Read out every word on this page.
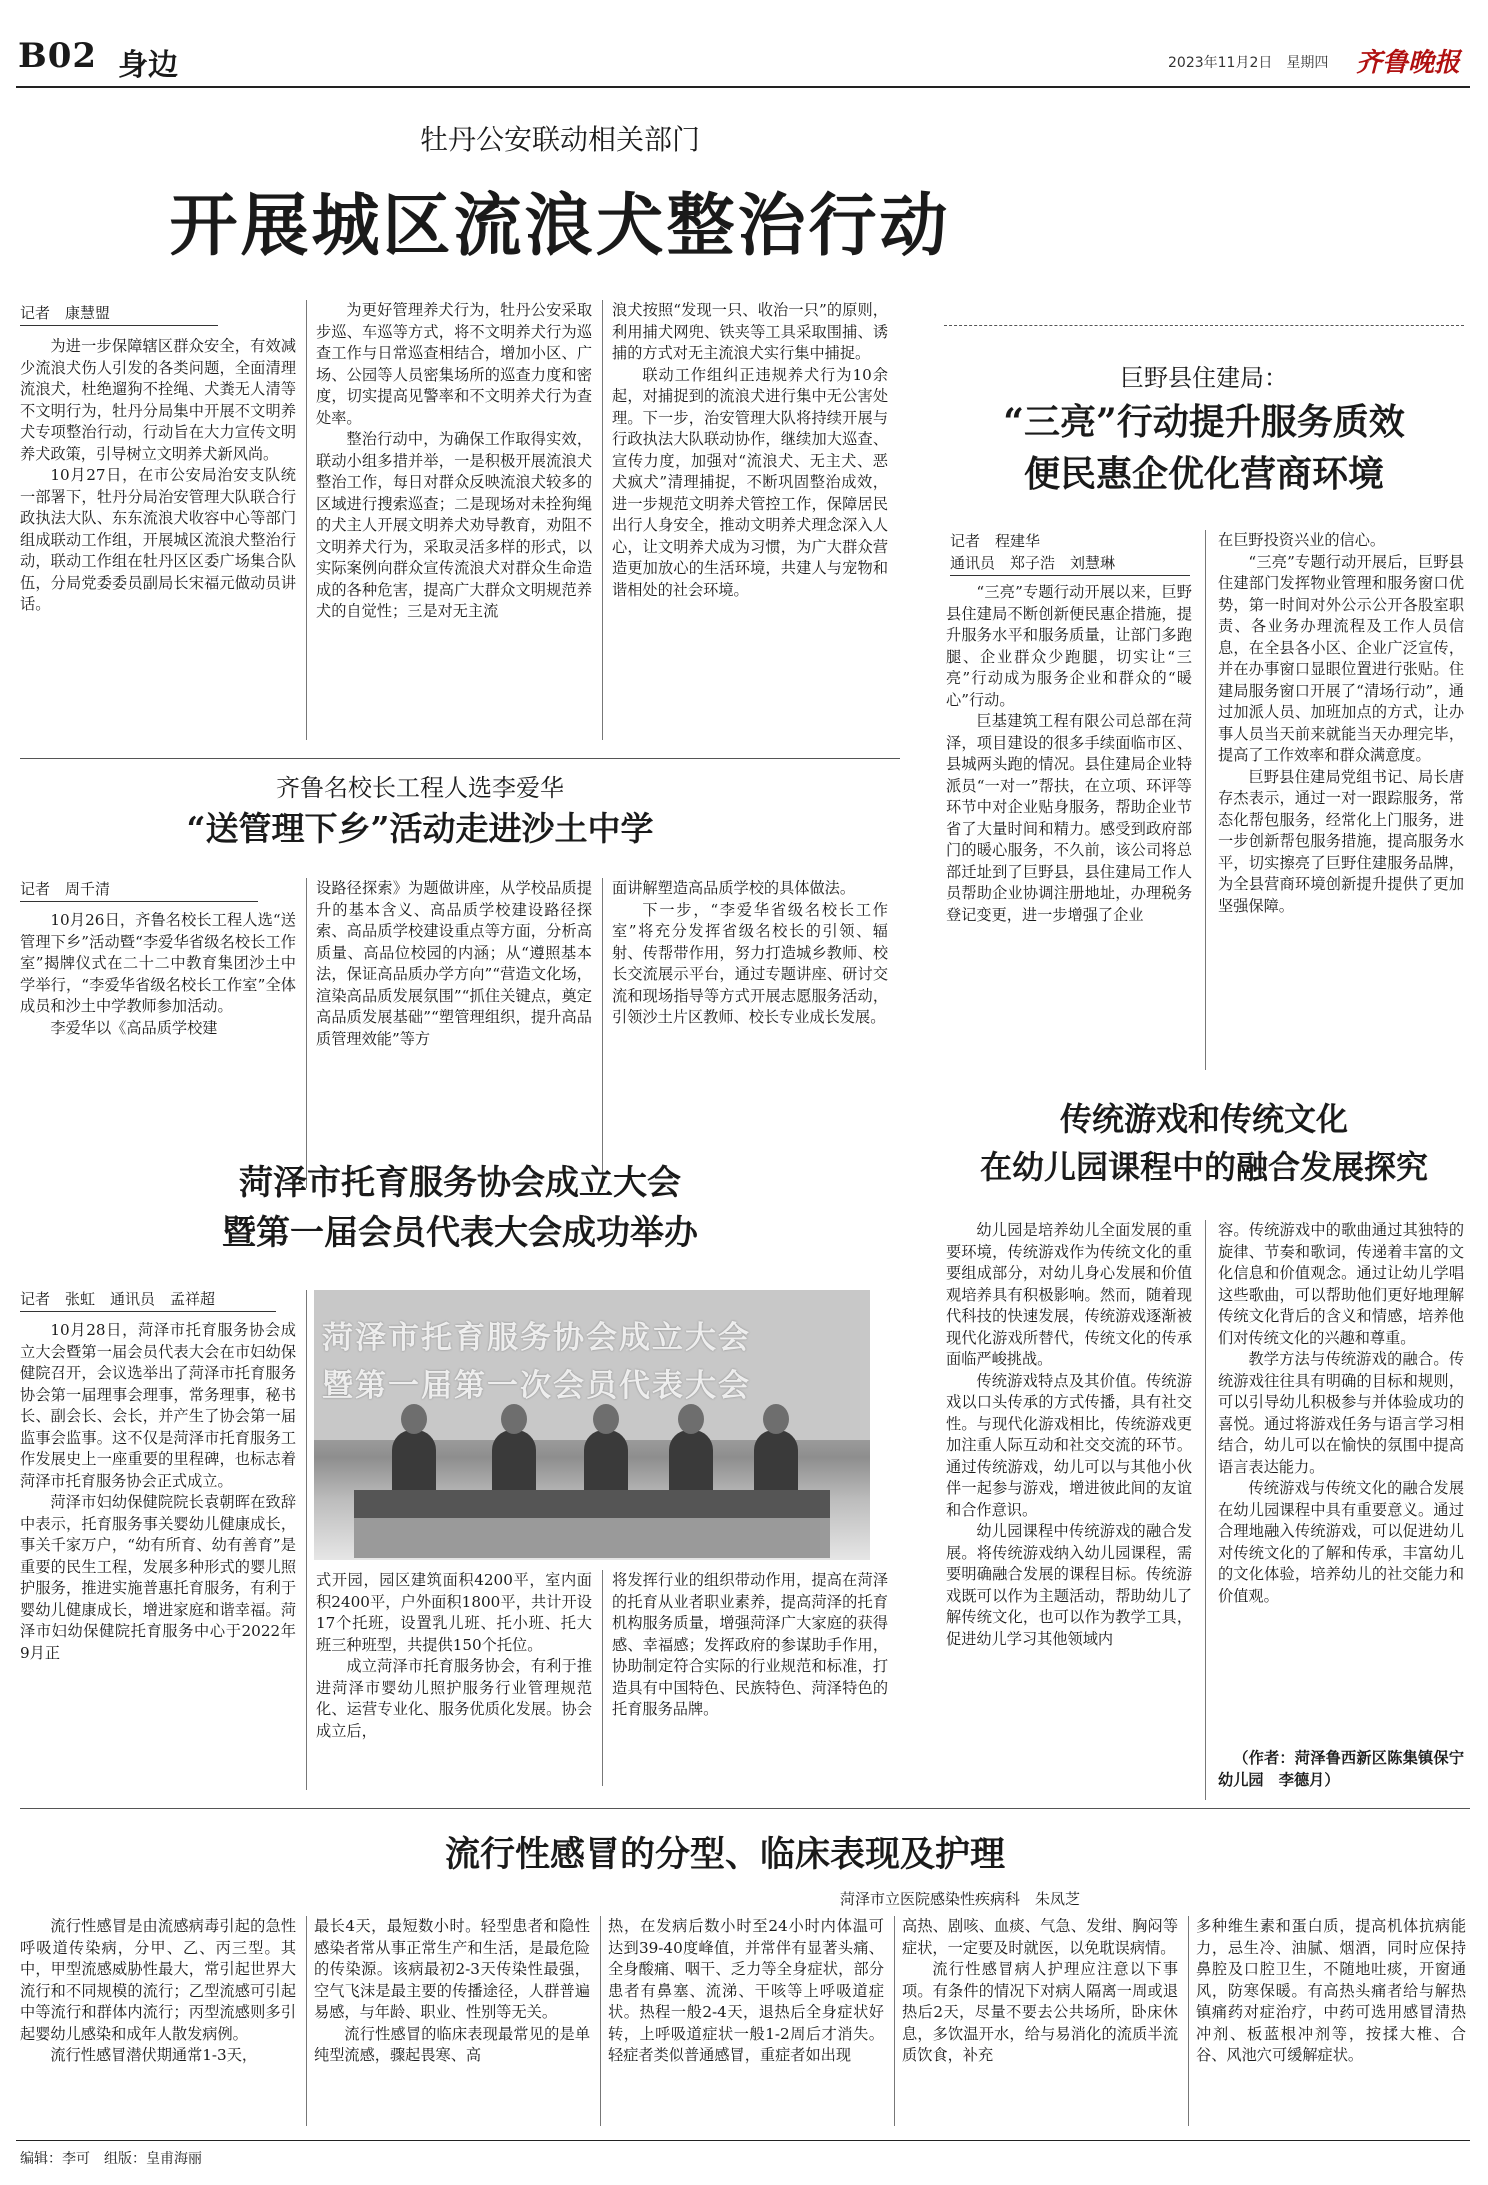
B02 身边	2023年11月2日　星期四 齐鲁晚报
牡丹公安联动相关部门
开展城区流浪犬整治行动
记者　康慧盟

为进一步保障辖区群众安全，有效减少流浪犬伤人引发的各类问题，全面清理流浪犬，杜绝遛狗不拴绳、犬粪无人清等不文明行为，牡丹分局集中开展不文明养犬专项整治行动，行动旨在大力宣传文明养犬政策，引导树立文明养犬新风尚。

10月27日，在市公安局治安支队统一部署下，牡丹分局治安管理大队联合行政执法大队、东东流浪犬收容中心等部门组成联动工作组，开展城区流浪犬整治行动，联动工作组在牡丹区区委广场集合队伍，分局党委委员副局长宋福元做动员讲话。

为更好管理养犬行为，牡丹公安采取步巡、车巡等方式，将不文明养犬行为巡查工作与日常巡查相结合，增加小区、广场、公园等人员密集场所的巡查力度和密度，切实提高见警率和不文明养犬行为查处率。

整治行动中，为确保工作取得实效，联动小组多措并举，一是积极开展流浪犬整治工作，每日对群众反映流浪犬较多的区域进行搜索巡查；二是现场对未拴狗绳的犬主人开展文明养犬劝导教育，劝阻不文明养犬行为，采取灵活多样的形式，以实际案例向群众宣传流浪犬对群众生命造成的各种危害，提高广大群众文明规范养犬的自觉性；三是对无主流

浪犬按照“发现一只、收治一只”的原则，利用捕犬网兜、铁夹等工具采取围捕、诱捕的方式对无主流浪犬实行集中捕捉。

联动工作组纠正违规养犬行为10余起，对捕捉到的流浪犬进行集中无公害处理。下一步，治安管理大队将持续开展与行政执法大队联动协作，继续加大巡查、宣传力度，加强对“流浪犬、无主犬、恶犬疯犬”清理捕捉，不断巩固整治成效，进一步规范文明养犬管控工作，保障居民出行人身安全，推动文明养犬理念深入人心，让文明养犬成为习惯，为广大群众营造更加放心的生活环境，共建人与宠物和谐相处的社会环境。

巨野县住建局：
“三亮”行动提升服务质效
便民惠企优化营商环境
记者　程建华
通讯员　郑子浩　刘慧琳

“三亮”专题行动开展以来，巨野县住建局不断创新便民惠企措施，提升服务水平和服务质量，让部门多跑腿、企业群众少跑腿，切实让“三亮”行动成为服务企业和群众的“暖心”行动。

巨基建筑工程有限公司总部在菏泽，项目建设的很多手续面临市区、县城两头跑的情况。县住建局企业特派员“一对一”帮扶，在立项、环评等环节中对企业贴身服务，帮助企业节省了大量时间和精力。感受到政府部门的暖心服务，不久前，该公司将总部迁址到了巨野县，县住建局工作人员帮助企业协调注册地址，办理税务登记变更，进一步增强了企业

在巨野投资兴业的信心。

“三亮”专题行动开展后，巨野县住建部门发挥物业管理和服务窗口优势，第一时间对外公示公开各股室职责、各业务办理流程及工作人员信息，在全县各小区、企业广泛宣传，并在办事窗口显眼位置进行张贴。住建局服务窗口开展了“清场行动”，通过加派人员、加班加点的方式，让办事人员当天前来就能当天办理完毕，提高了工作效率和群众满意度。

巨野县住建局党组书记、局长唐存杰表示，通过一对一跟踪服务，常态化帮包服务，经常化上门服务，进一步创新帮包服务措施，提高服务水平，切实擦亮了巨野住建服务品牌，为全县营商环境创新提升提供了更加坚强保障。

齐鲁名校长工程人选李爱华
“送管理下乡”活动走进沙土中学
记者　周千清

10月26日，齐鲁名校长工程人选“送管理下乡”活动暨“李爱华省级名校长工作室”揭牌仪式在二十二中教育集团沙土中学举行，“李爱华省级名校长工作室”全体成员和沙土中学教师参加活动。

李爱华以《高品质学校建

设路径探索》为题做讲座，从学校品质提升的基本含义、高品质学校建设路径探索、高品质学校建设重点等方面，分析高质量、高品位校园的内涵；从“遵照基本法，保证高品质办学方向”“营造文化场，渲染高品质发展氛围”“抓住关键点，奠定高品质发展基础”“塑管理组织，提升高品质管理效能”等方

面讲解塑造高品质学校的具体做法。

下一步，“李爱华省级名校长工作室”将充分发挥省级名校长的引领、辐射、传帮带作用，努力打造城乡教师、校长交流展示平台，通过专题讲座、研讨交流和现场指导等方式开展志愿服务活动，引领沙土片区教师、校长专业成长发展。

传统游戏和传统文化
在幼儿园课程中的融合发展探究

幼儿园是培养幼儿全面发展的重要环境，传统游戏作为传统文化的重要组成部分，对幼儿身心发展和价值观培养具有积极影响。然而，随着现代科技的快速发展，传统游戏逐渐被现代化游戏所替代，传统文化的传承面临严峻挑战。

传统游戏特点及其价值。传统游戏以口头传承的方式传播，具有社交性。与现代化游戏相比，传统游戏更加注重人际互动和社交交流的环节。通过传统游戏，幼儿可以与其他小伙伴一起参与游戏，增进彼此间的友谊和合作意识。

幼儿园课程中传统游戏的融合发展。将传统游戏纳入幼儿园课程，需要明确融合发展的课程目标。传统游戏既可以作为主题活动，帮助幼儿了解传统文化，也可以作为教学工具，促进幼儿学习其他领域内

容。传统游戏中的歌曲通过其独特的旋律、节奏和歌词，传递着丰富的文化信息和价值观念。通过让幼儿学唱这些歌曲，可以帮助他们更好地理解传统文化背后的含义和情感，培养他们对传统文化的兴趣和尊重。

教学方法与传统游戏的融合。传统游戏往往具有明确的目标和规则，可以引导幼儿积极参与并体验成功的喜悦。通过将游戏任务与语言学习相结合，幼儿可以在愉快的氛围中提高语言表达能力。

传统游戏与传统文化的融合发展在幼儿园课程中具有重要意义。通过合理地融入传统游戏，可以促进幼儿对传统文化的了解和传承，丰富幼儿的文化体验，培养幼儿的社交能力和价值观。

（作者：菏泽鲁西新区陈集镇保宁幼儿园　李德月）
菏泽市托育服务协会成立大会
暨第一届会员代表大会成功举办
记者　张虹　通讯员　孟祥超
菏泽市托育服务协会成立大会
暨第一届第一次会员代表大会

10月28日，菏泽市托育服务协会成立大会暨第一届会员代表大会在市妇幼保健院召开，会议选举出了菏泽市托育服务协会第一届理事会理事，常务理事，秘书长、副会长、会长，并产生了协会第一届监事会监事。这不仅是菏泽市托育服务工作发展史上一座重要的里程碑，也标志着菏泽市托育服务协会正式成立。

菏泽市妇幼保健院院长袁朝晖在致辞中表示，托育服务事关婴幼儿健康成长，事关千家万户，“幼有所育、幼有善育”是重要的民生工程，发展多种形式的婴儿照护服务，推进实施普惠托育服务，有利于婴幼儿健康成长，增进家庭和谐幸福。菏泽市妇幼保健院托育服务中心于2022年9月正

式开园，园区建筑面积4200平，室内面积2400平，户外面积1800平，共计开设17个托班，设置乳儿班、托小班、托大班三种班型，共提供150个托位。

成立菏泽市托育服务协会，有利于推进菏泽市婴幼儿照护服务行业管理规范化、运营专业化、服务优质化发展。协会成立后，

将发挥行业的组织带动作用，提高在菏泽的托育从业者职业素养，提高菏泽的托育机构服务质量，增强菏泽广大家庭的获得感、幸福感；发挥政府的参谋助手作用，协助制定符合实际的行业规范和标准，打造具有中国特色、民族特色、菏泽特色的托育服务品牌。

流行性感冒的分型、临床表现及护理
菏泽市立医院感染性疾病科　朱凤芝

流行性感冒是由流感病毒引起的急性呼吸道传染病，分甲、乙、丙三型。其中，甲型流感威胁性最大，常引起世界大流行和不同规模的流行；乙型流感可引起中等流行和群体内流行；丙型流感则多引起婴幼儿感染和成年人散发病例。

流行性感冒潜伏期通常1-3天，

最长4天，最短数小时。轻型患者和隐性感染者常从事正常生产和生活，是最危险的传染源。该病最初2-3天传染性最强，空气飞沫是最主要的传播途径，人群普遍易感，与年龄、职业、性别等无关。

流行性感冒的临床表现最常见的是单纯型流感，骤起畏寒、高

热，在发病后数小时至24小时内体温可达到39-40度峰值，并常伴有显著头痛、全身酸痛、咽干、乏力等全身症状，部分患者有鼻塞、流涕、干咳等上呼吸道症状。热程一般2-4天，退热后全身症状好转，上呼吸道症状一般1-2周后才消失。轻症者类似普通感冒，重症者如出现

高热、剧咳、血痰、气急、发绀、胸闷等症状，一定要及时就医，以免耽误病情。

流行性感冒病人护理应注意以下事项。有条件的情况下对病人隔离一周或退热后2天，尽量不要去公共场所，卧床休息，多饮温开水，给与易消化的流质半流质饮食，补充

多种维生素和蛋白质，提高机体抗病能力，忌生冷、油腻、烟酒，同时应保持鼻腔及口腔卫生，不随地吐痰，开窗通风，防寒保暖。有高热头痛者给与解热镇痛药对症治疗，中药可选用感冒清热冲剂、板蓝根冲剂等，按揉大椎、合谷、风池穴可缓解症状。

编辑：李可　组版：皇甫海丽
